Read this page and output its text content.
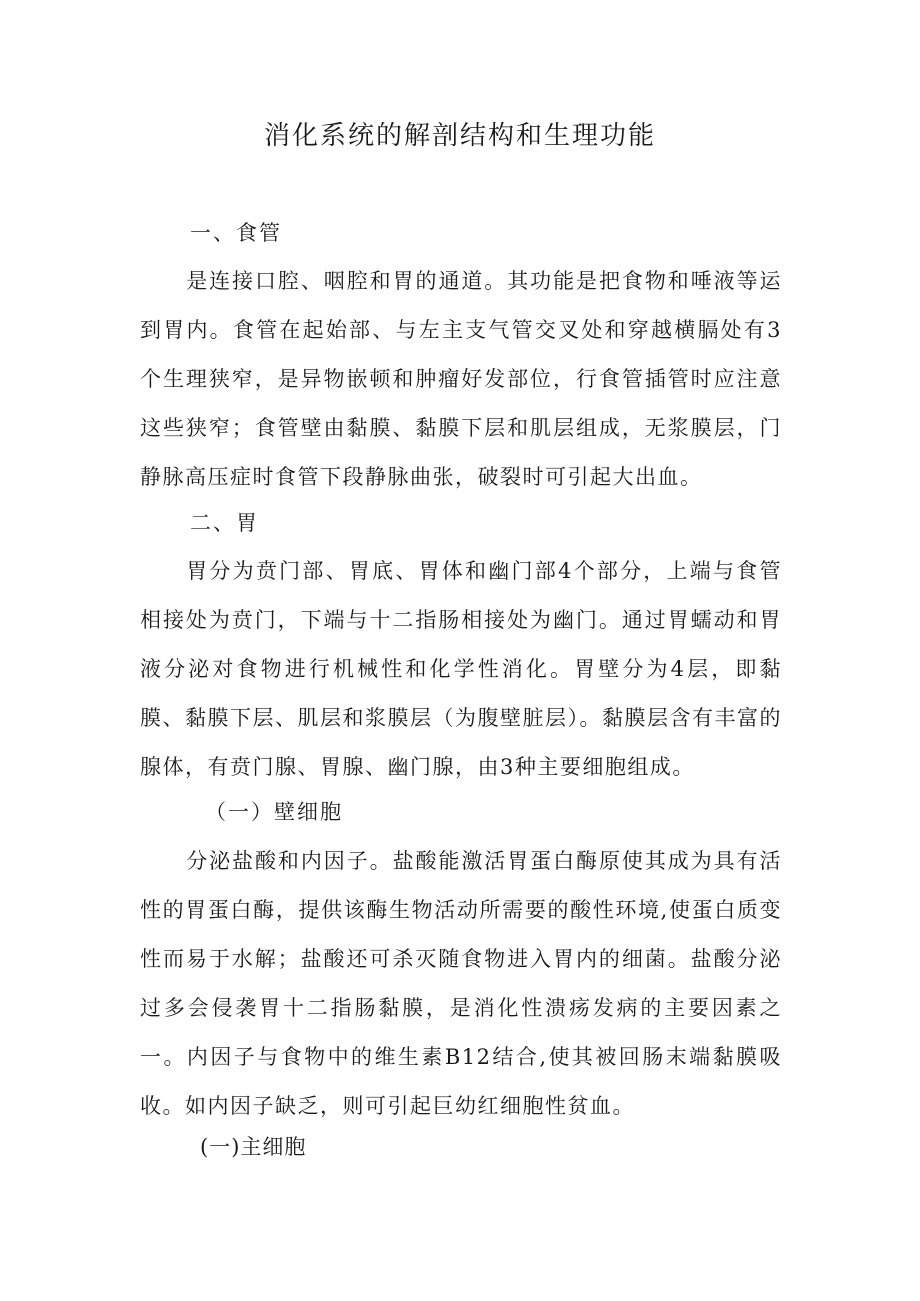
消化系统的解剖结构和生理功能
一、食管

是连接口腔、咽腔和胃的通道。其功能是把食物和唾液等运到胃内。食管在起始部、与左主支气管交叉处和穿越横膈处有3个生理狭窄，是异物嵌顿和肿瘤好发部位，行食管插管时应注意这些狭窄；食管壁由黏膜、黏膜下层和肌层组成，无浆膜层，门静脉高压症时食管下段静脉曲张，破裂时可引起大出血。

二、胃

胃分为贲门部、胃底、胃体和幽门部4个部分，上端与食管相接处为贲门，下端与十二指肠相接处为幽门。通过胃蠕动和胃液分泌对食物进行机械性和化学性消化。胃壁分为4层，即黏膜、黏膜下层、肌层和浆膜层（为腹壁脏层）。黏膜层含有丰富的腺体，有贲门腺、胃腺、幽门腺，由3种主要细胞组成。

（一）壁细胞

分泌盐酸和内因子。盐酸能激活胃蛋白酶原使其成为具有活性的胃蛋白酶，提供该酶生物活动所需要的酸性环境,使蛋白质变性而易于水解；盐酸还可杀灭随食物进入胃内的细菌。盐酸分泌过多会侵袭胃十二指肠黏膜，是消化性溃疡发病的主要因素之一。内因子与食物中的维生素B12结合,使其被回肠末端黏膜吸收。如内因子缺乏，则可引起巨幼红细胞性贫血。

(一)主细胞
